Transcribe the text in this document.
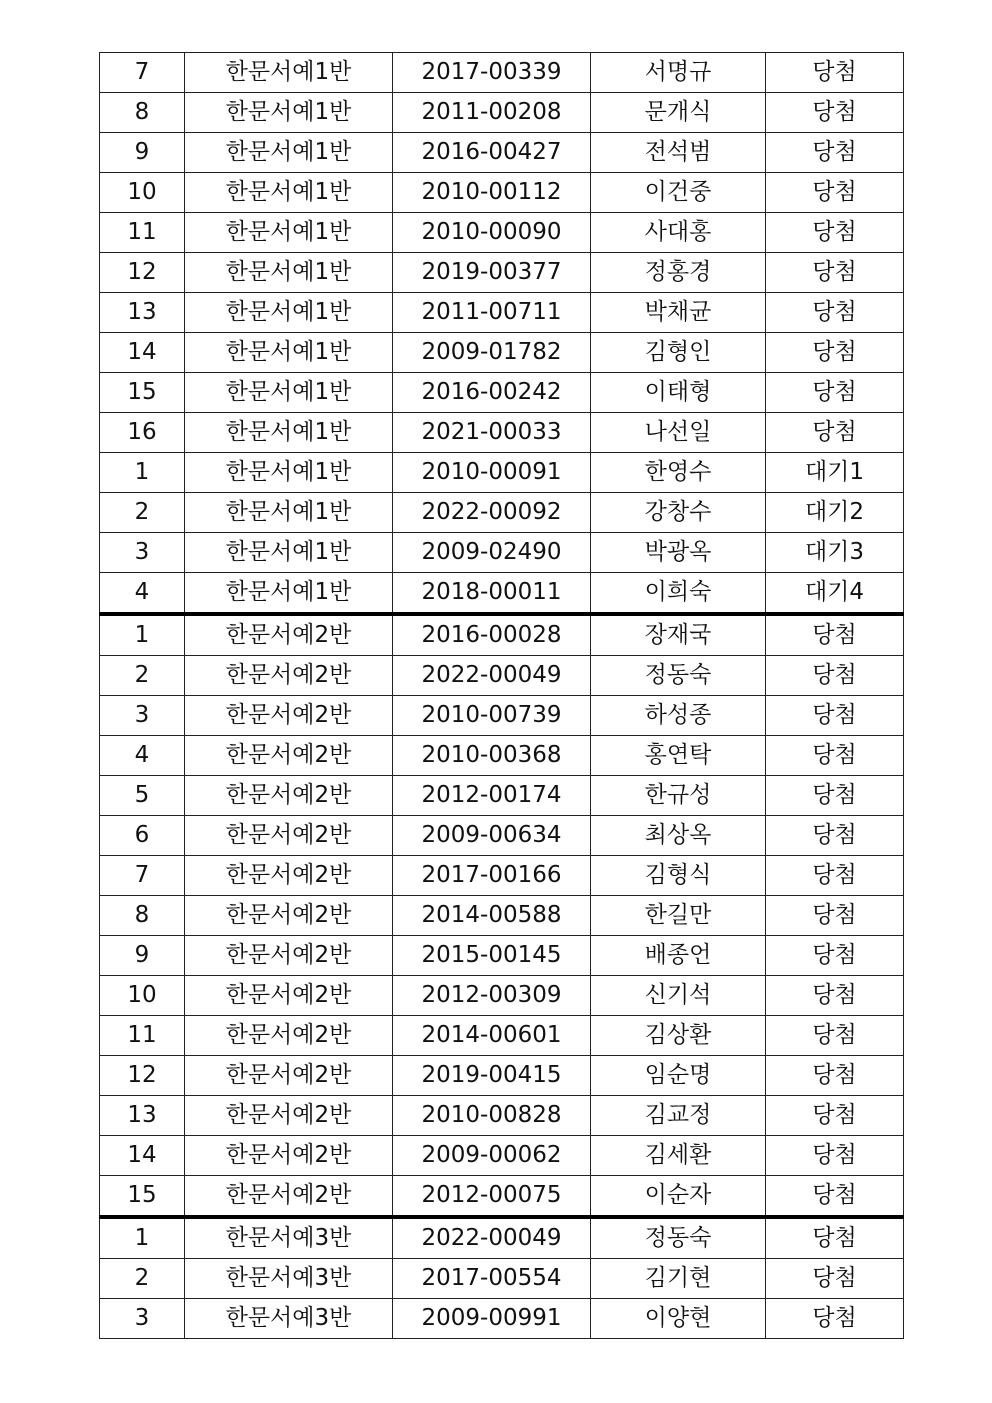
7	한문서예1반	2017-00339	서명규	당첨
8	한문서예1반	2011-00208	문개식	당첨
9	한문서예1반	2016-00427	전석범	당첨
10	한문서예1반	2010-00112	이건중	당첨
11	한문서예1반	2010-00090	사대홍	당첨
12	한문서예1반	2019-00377	정홍경	당첨
13	한문서예1반	2011-00711	박채균	당첨
14	한문서예1반	2009-01782	김형인	당첨
15	한문서예1반	2016-00242	이태형	당첨
16	한문서예1반	2021-00033	나선일	당첨
1	한문서예1반	2010-00091	한영수	대기1
2	한문서예1반	2022-00092	강창수	대기2
3	한문서예1반	2009-02490	박광옥	대기3
4	한문서예1반	2018-00011	이희숙	대기4
1	한문서예2반	2016-00028	장재국	당첨
2	한문서예2반	2022-00049	정동숙	당첨
3	한문서예2반	2010-00739	하성종	당첨
4	한문서예2반	2010-00368	홍연탁	당첨
5	한문서예2반	2012-00174	한규성	당첨
6	한문서예2반	2009-00634	최상옥	당첨
7	한문서예2반	2017-00166	김형식	당첨
8	한문서예2반	2014-00588	한길만	당첨
9	한문서예2반	2015-00145	배종언	당첨
10	한문서예2반	2012-00309	신기석	당첨
11	한문서예2반	2014-00601	김상환	당첨
12	한문서예2반	2019-00415	임순명	당첨
13	한문서예2반	2010-00828	김교정	당첨
14	한문서예2반	2009-00062	김세환	당첨
15	한문서예2반	2012-00075	이순자	당첨
1	한문서예3반	2022-00049	정동숙	당첨
2	한문서예3반	2017-00554	김기현	당첨
3	한문서예3반	2009-00991	이양현	당첨
